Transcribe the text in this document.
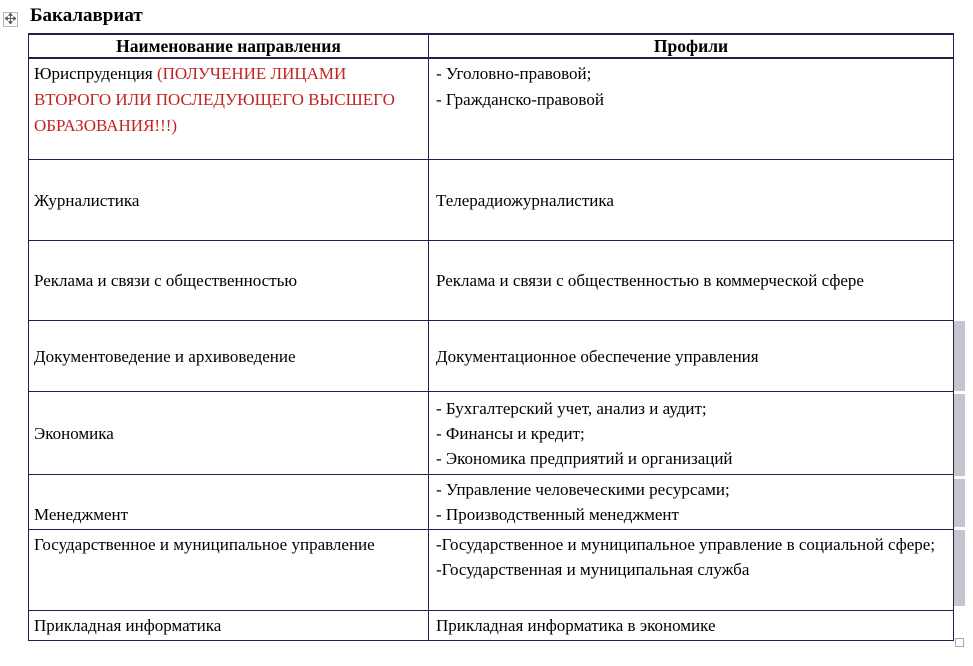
Бакалавриат
Наименование направления	Профили

Юриспруденция (ПОЛУЧЕНИЕ ЛИЦАМИ ВТОРОГО ИЛИ ПОСЛЕДУЮЩЕГО ВЫСШЕГО ОБРАЗОВАНИЯ!!!)	- Уголовно-правовой;
- Гражданско-правовой

Журналистика	Телерадиожурналистика

Реклама и связи с общественностью	Реклама и связи с общественностью в коммерческой сфере

Документоведение и архивоведение	Документационное обеспечение управления

Экономика	- Бухгалтерский учет, анализ и аудит;
- Финансы и кредит;
- Экономика предприятий и организаций

Менеджмент	- Управление человеческими ресурсами;
- Производственный менеджмент

Государственное и муниципальное управление	-Государственное и муниципальное управление в социальной сфере;
-Государственная и муниципальная служба

Прикладная информатика	Прикладная информатика в экономике
